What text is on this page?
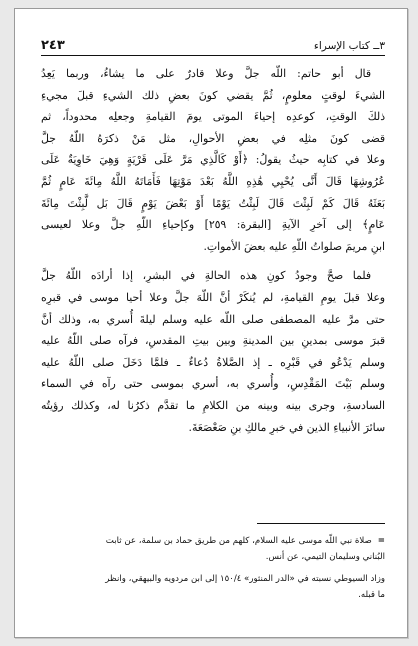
٣ــ كتاب الإسراء
٢٤٣
قال أبو حاتم: اللّه جلَّ وعلا قادرٌ على ما يشاءُ، وربما يَعِدُ
الشيءَ لوقتٍ معلومٍ، ثُمَّ يقضي كونَ بعضِ ذلك الشيءِ قبلَ مجيءِ
ذلكَ الوقتِ، كوعدِه إحياءَ الموتى يومَ القيامةِ وجعلِه محدوداً، ثم
قضى كونَ مثلِه في بعضِ الأحوالِ، مثل مَنْ ذكرَهُ اللّهُ جلَّ
وعلا في كتابِه حيثُ يقولُ: ﴿أَوْ كَالَّذِي مَرَّ عَلَى قَرْيَةٍ وَهِيَ خَاوِيَةٌ عَلَى
عُرُوشِهَا قَالَ أَنَّى يُحْيِي هَٰذِهِ اللَّهُ بَعْدَ مَوْتِهَا فَأَمَاتَهُ اللَّهُ مِائَةَ عَامٍ ثُمَّ
بَعَثَهُ قَالَ كَمْ لَبِثْتَ قَالَ لَبِثْتُ يَوْمًا أَوْ بَعْضَ يَوْمٍ قَالَ بَل لَّبِثْتَ مِائَةَ
عَامٍ﴾ إلى آخرِ الآيةِ [البقرة: ٢٥٩] وكإحياءِ اللّهِ جلَّ وعلا لعيسى
ابنِ مريمَ صلواتُ اللّهِ عليه بعضَ الأمواتِ.
فلما صحَّ وجودُ كونِ هذه الحالةِ في البشرِ، إذا أرادَه اللّهُ جلَّ
وعلا قبلَ يومِ القيامةِ، لم يُنكَرْ أنَّ اللّهَ جلَّ وعلا أحيا موسى في قبرِه
حتى مرَّ عليه المصطفى صلى اللّه عليه وسلم ليلةَ أُسري به، وذلك أنَّ
قبرَ موسى بمدينِ بين المدينةِ وبين بيتِ المقدسِ، فرآه صلى اللّهُ عليه
وسلم يَدْعُو في قَبْرِه ـ إذ الصَّلاةُ دُعاءٌ ـ فلمَّا دَخَلَ صلى اللّهُ عليه
وسلم بَيْتَ المَقْدِسِ، وأُسري به، أسري بموسى حتى رآه في السماء
السادسةِ، وجرى بينه وبينه من الكلامِ ما تقدَّم ذكرُنا له، وكذلك رؤيتُه
سائرَ الأنبياءِ الذين في خبرِ مالكِ بنِ صَعْصَعَةَ.
=صلاة نبي اللّه موسى عليه السلام، كلهم من طريق حماد بن سلمة، عن ثابت
البُناني وسليمان التيمي، عن أنس.
وزاد السيوطي نسبته في «الدر المنثور» ١٥٠/٤ إلى ابن مردويه والبيهقي، وانظر
ما قبله.
